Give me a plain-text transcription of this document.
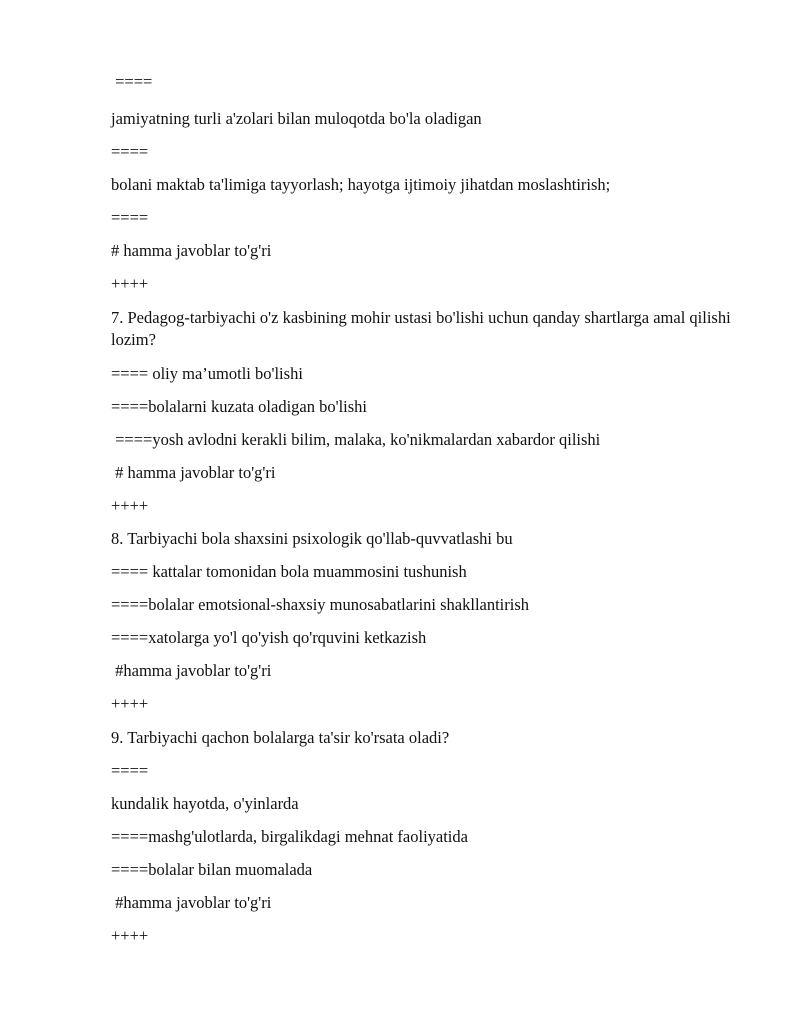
====

jamiyatning turli a'zolari bilan muloqotda bo'la oladigan

====

bolani maktab ta'limiga tayyorlash; hayotga ijtimoiy jihatdan moslashtirish;

====

# hamma javoblar to'g'ri

++++

7. Pedagog-tarbiyachi o'z kasbining mohir ustasi bo'lishi uchun qanday shartlarga amal qilishi lozim?

==== oliy ma’umotli bo'lishi

====bolalarni kuzata oladigan bo'lishi

====yosh avlodni kerakli bilim, malaka, ko'nikmalardan xabardor qilishi

# hamma javoblar to'g'ri

++++

8. Tarbiyachi bola shaxsini psixologik qo'llab-quvvatlashi bu

==== kattalar tomonidan bola muammosini tushunish

====bolalar emotsional-shaxsiy munosabatlarini shakllantirish

====xatolarga yo'l qo'yish qo'rquvini ketkazish

#hamma javoblar to'g'ri

++++

9. Tarbiyachi qachon bolalarga ta'sir ko'rsata oladi?

====

kundalik hayotda, o'yinlarda

====mashg'ulotlarda, birgalikdagi mehnat faoliyatida

====bolalar bilan muomalada

#hamma javoblar to'g'ri

++++
